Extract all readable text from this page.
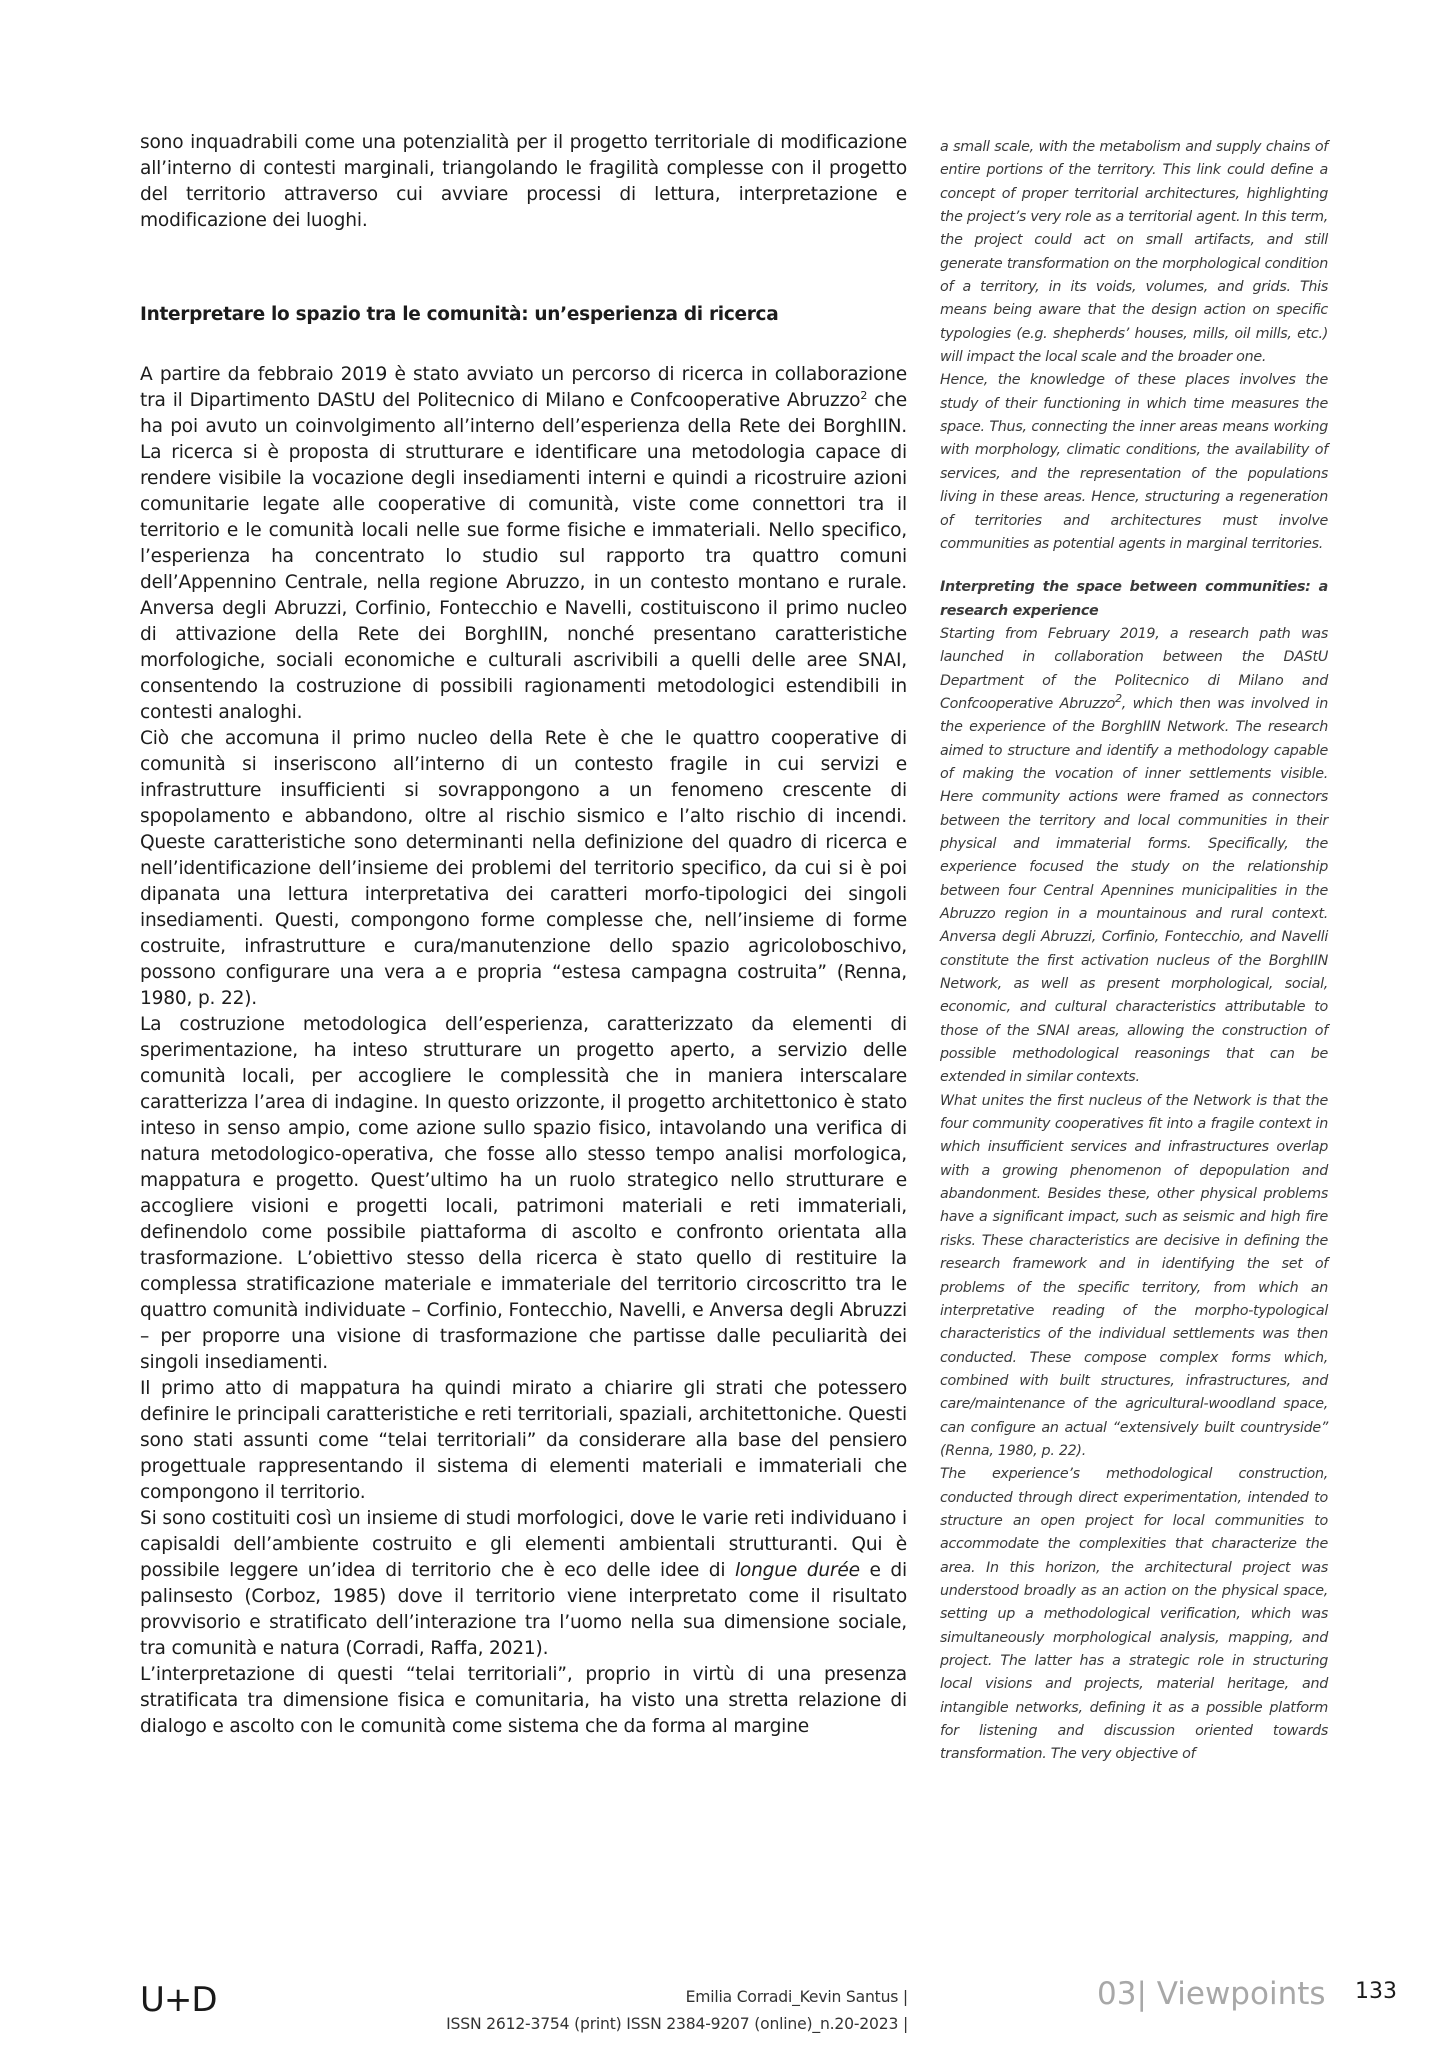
sono inquadrabili come una potenzialità per il progetto territoriale di modificazione all’interno di contesti marginali, triangolando le fragilità complesse con il progetto del territorio attraverso cui avviare processi di lettura, interpretazione e modificazione dei luoghi.

Interpretare lo spazio tra le comunità: un’esperienza di ricerca

A partire da febbraio 2019 è stato avviato un percorso di ricerca in collaborazione tra il Dipartimento DAStU del Politecnico di Milano e Confcooperative Abruzzo$^2$ che ha poi avuto un coinvolgimento all’interno dell’esperienza della Rete dei BorghIIN. La ricerca si è proposta di strutturare e identificare una metodologia capace di rendere visibile la vocazione degli insediamenti interni e quindi a ricostruire azioni comunitarie legate alle cooperative di comunità, viste come connettori tra il territorio e le comunità locali nelle sue forme fisiche e immateriali. Nello specifico, l’esperienza ha concentrato lo studio sul rapporto tra quattro comuni dell’Appennino Centrale, nella regione Abruzzo, in un contesto montano e rurale. Anversa degli Abruzzi, Corfinio, Fontecchio e Navelli, costituiscono il primo nucleo di attivazione della Rete dei BorghIIN, nonché presentano caratteristiche morfologiche, sociali economiche e culturali ascrivibili a quelli delle aree SNAI, consentendo la costruzione di possibili ragionamenti metodologici estendibili in contesti analoghi.

Ciò che accomuna il primo nucleo della Rete è che le quattro cooperative di comunità si inseriscono all’interno di un contesto fragile in cui servizi e infrastrutture insufficienti si sovrappongono a un fenomeno crescente di spopolamento e abbandono, oltre al rischio sismico e l’alto rischio di incendi. Queste caratteristiche sono determinanti nella definizione del quadro di ricerca e nell’identificazione dell’insieme dei problemi del territorio specifico, da cui si è poi dipanata una lettura interpretativa dei caratteri morfo-tipologici dei singoli insediamenti. Questi, compongono forme complesse che, nell’insieme di forme costruite, infrastrutture e cura/manutenzione dello spazio agricoloboschivo, possono configurare una vera a e propria “estesa campagna costruita” (Renna, 1980, p. 22).

La costruzione metodologica dell’esperienza, caratterizzato da elementi di sperimentazione, ha inteso strutturare un progetto aperto, a servizio delle comunità locali, per accogliere le complessità che in maniera interscalare caratterizza l’area di indagine. In questo orizzonte, il progetto architettonico è stato inteso in senso ampio, come azione sullo spazio fisico, intavolando una verifica di natura metodologico-operativa, che fosse allo stesso tempo analisi morfologica, mappatura e progetto. Quest’ultimo ha un ruolo strategico nello strutturare e accogliere visioni e progetti locali, patrimoni materiali e reti immateriali, definendolo come possibile piattaforma di ascolto e confronto orientata alla trasformazione. L’obiettivo stesso della ricerca è stato quello di restituire la complessa stratificazione materiale e immateriale del territorio circoscritto tra le quattro comunità individuate – Corfinio, Fontecchio, Navelli, e Anversa degli Abruzzi – per proporre una visione di trasformazione che partisse dalle peculiarità dei singoli insediamenti.

Il primo atto di mappatura ha quindi mirato a chiarire gli strati che potessero definire le principali caratteristiche e reti territoriali, spaziali, architettoniche. Questi sono stati assunti come “telai territoriali” da considerare alla base del pensiero progettuale rappresentando il sistema di elementi materiali e immateriali che compongono il territorio.

Si sono costituiti così un insieme di studi morfologici, dove le varie reti individuano i capisaldi dell’ambiente costruito e gli elementi ambientali strutturanti. Qui è possibile leggere un’idea di territorio che è eco delle idee di longue durée e di palinsesto (Corboz, 1985) dove il territorio viene interpretato come il risultato provvisorio e stratificato dell’interazione tra l’uomo nella sua dimensione sociale, tra comunità e natura (Corradi, Raffa, 2021).

L’interpretazione di questi “telai territoriali”, proprio in virtù di una presenza stratificata tra dimensione fisica e comunitaria, ha visto una stretta relazione di dialogo e ascolto con le comunità come sistema che da forma al margine

a small scale, with the metabolism and supply chains of entire portions of the territory. This link could define a concept of proper territorial architectures, highlighting the project’s very role as a territorial agent. In this term, the project could act on small artifacts, and still generate transformation on the morphological condition of a territory, in its voids, volumes, and grids. This means being aware that the design action on specific typologies (e.g. shepherds’ houses, mills, oil mills, etc.) will impact the local scale and the broader one.

Hence, the knowledge of these places involves the study of their functioning in which time measures the space. Thus, connecting the inner areas means working with morphology, climatic conditions, the availability of services, and the representation of the populations living in these areas. Hence, structuring a regeneration of territories and architectures must involve communities as potential agents in marginal territories.

Interpreting the space between communities: a research experience

Starting from February 2019, a research path was launched in collaboration between the DAStU Department of the Politecnico di Milano and Confcooperative Abruzzo$^2$, which then was involved in the experience of the BorghIIN Network. The research aimed to structure and identify a methodology capable of making the vocation of inner settlements visible. Here community actions were framed as connectors between the territory and local communities in their physical and immaterial forms. Specifically, the experience focused the study on the relationship between four Central Apennines municipalities in the Abruzzo region in a mountainous and rural context. Anversa degli Abruzzi, Corfinio, Fontecchio, and Navelli constitute the first activation nucleus of the BorghIIN Network, as well as present morphological, social, economic, and cultural characteristics attributable to those of the SNAI areas, allowing the construction of possible methodological reasonings that can be extended in similar contexts.

What unites the first nucleus of the Network is that the four community cooperatives fit into a fragile context in which insufficient services and infrastructures overlap with a growing phenomenon of depopulation and abandonment. Besides these, other physical problems have a significant impact, such as seismic and high fire risks. These characteristics are decisive in defining the research framework and in identifying the set of problems of the specific territory, from which an interpretative reading of the morpho-typological characteristics of the individual settlements was then conducted. These compose complex forms which, combined with built structures, infrastructures, and care/maintenance of the agricultural-woodland space, can configure an actual “extensively built countryside” (Renna, 1980, p. 22).

The experience’s methodological construction, conducted through direct experimentation, intended to structure an open project for local communities to accommodate the complexities that characterize the area. In this horizon, the architectural project was understood broadly as an action on the physical space, setting up a methodological verification, which was simultaneously morphological analysis, mapping, and project. The latter has a strategic role in structuring local visions and projects, material heritage, and intangible networks, defining it as a possible platform for listening and discussion oriented towards transformation. The very objective of

U+D	Emilia Corradi_Kevin Santus |
ISSN 2612-3754 (print) ISSN 2384-9207 (online)_n.20-2023 |
03| Viewpoints 133
